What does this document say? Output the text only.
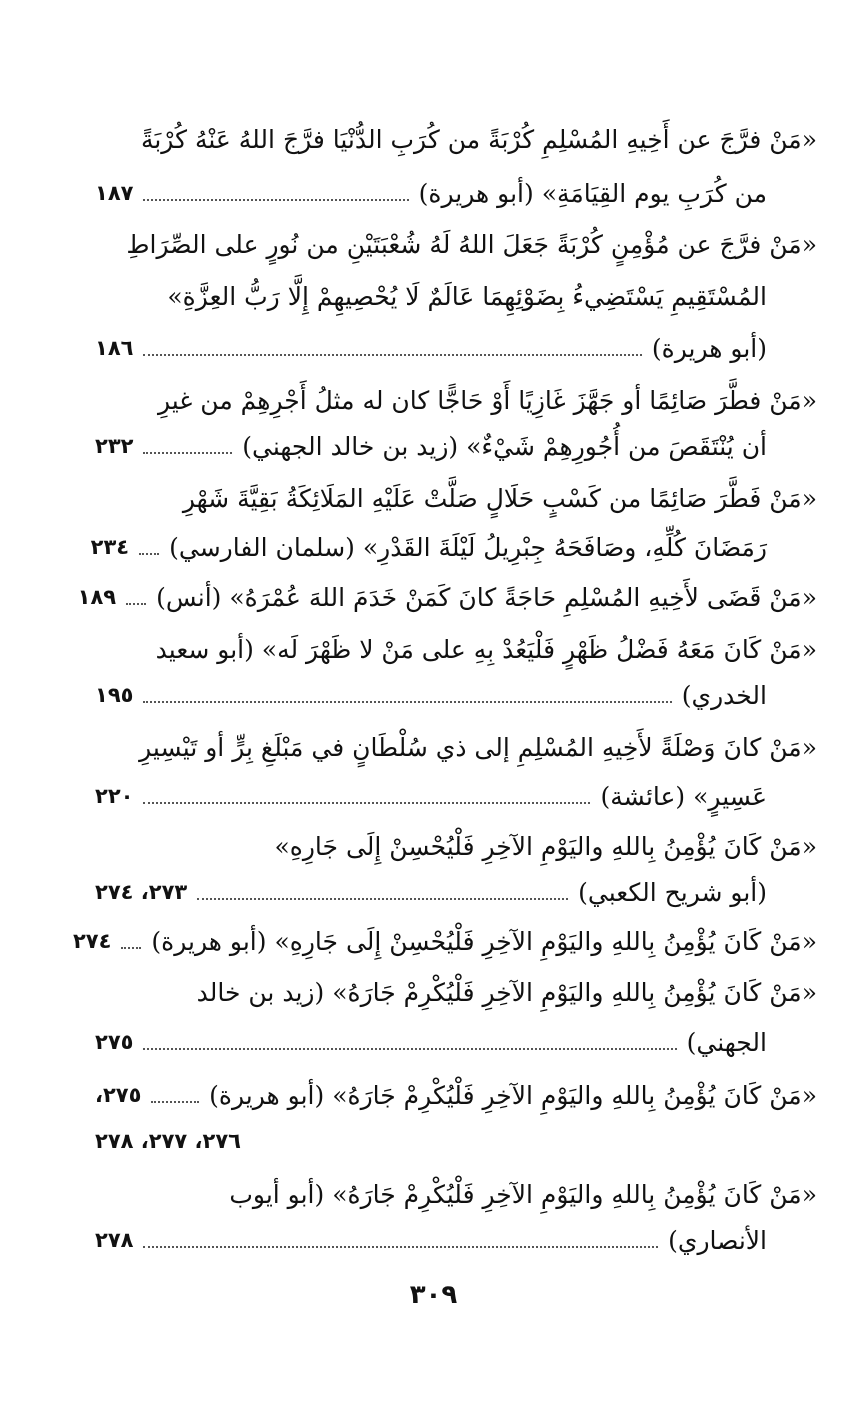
«مَنْ فرَّجَ عن أَخِيهِ المُسْلِمِ كُرْبَةً من كُرَبِ الدُّنْيَا فرَّجَ اللهُ عَنْهُ كُرْبَةً
من كُرَبِ يوم القِيَامَةِ» (أبو هريرة)
١٨٧
«مَنْ فرَّجَ عن مُؤْمِنٍ كُرْبَةً جَعَلَ اللهُ لَهُ شُعْبَتَيْنِ من نُورٍ على الصِّرَاطِ
المُسْتَقِيمِ يَسْتَضِيءُ بِضَوْئِهِمَا عَالَمٌ لَا يُحْصِيهِمْ إِلَّا رَبُّ العِزَّةِ»
(أبو هريرة)
١٨٦
«مَنْ فطَّرَ صَائِمًا أو جَهَّزَ غَازِيًا أَوْ حَاجًّا كان له مثلُ أَجْرِهِمْ من غيرِ
أن يُنْتَقَصَ من أُجُورِهِمْ شَيْءٌ» (زيد بن خالد الجهني)
٢٣٢
«مَنْ فَطَّرَ صَائِمًا من كَسْبٍ حَلَالٍ صَلَّتْ عَلَيْهِ المَلَائِكَةُ بَقِيَّةَ شَهْرِ
رَمَضَانَ كُلِّهِ، وصَافَحَهُ جِبْرِيلُ لَيْلَةَ القَدْرِ» (سلمان الفارسي)
٢٣٤
«مَنْ قَضَى لأَخِيهِ المُسْلِمِ حَاجَةً كانَ كَمَنْ خَدَمَ اللهَ عُمْرَهُ» (أنس)
١٨٩
«مَنْ كَانَ مَعَهُ فَضْلُ ظَهْرٍ فَلْيَعُدْ بِهِ على مَنْ لا ظَهْرَ لَه» (أبو سعيد
الخدري)
١٩٥
«مَنْ كانَ وَصْلَةً لأَخِيهِ المُسْلِمِ إلى ذي سُلْطَانٍ في مَبْلَغِ بِرٍّ أو تَيْسِيرِ
عَسِيرٍ» (عائشة)
٢٢٠
«مَنْ كَانَ يُؤْمِنُ بِاللهِ واليَوْمِ الآخِرِ فَلْيُحْسِنْ إِلَى جَارِهِ»
(أبو شريح الكعبي)
٢٧٣، ٢٧٤
«مَنْ كَانَ يُؤْمِنُ بِاللهِ واليَوْمِ الآخِرِ فَلْيُحْسِنْ إِلَى جَارِهِ» (أبو هريرة)
٢٧٤
«مَنْ كَانَ يُؤْمِنُ بِاللهِ واليَوْمِ الآخِرِ فَلْيُكْرِمْ جَارَهُ» (زيد بن خالد
الجهني)
٢٧٥
«مَنْ كَانَ يُؤْمِنُ بِاللهِ واليَوْمِ الآخِرِ فَلْيُكْرِمْ جَارَهُ» (أبو هريرة)
٢٧٥،
٢٧٦، ٢٧٧، ٢٧٨
«مَنْ كَانَ يُؤْمِنُ بِاللهِ واليَوْمِ الآخِرِ فَلْيُكْرِمْ جَارَهُ» (أبو أيوب
الأنصاري)
٢٧٨
٣٠٩
